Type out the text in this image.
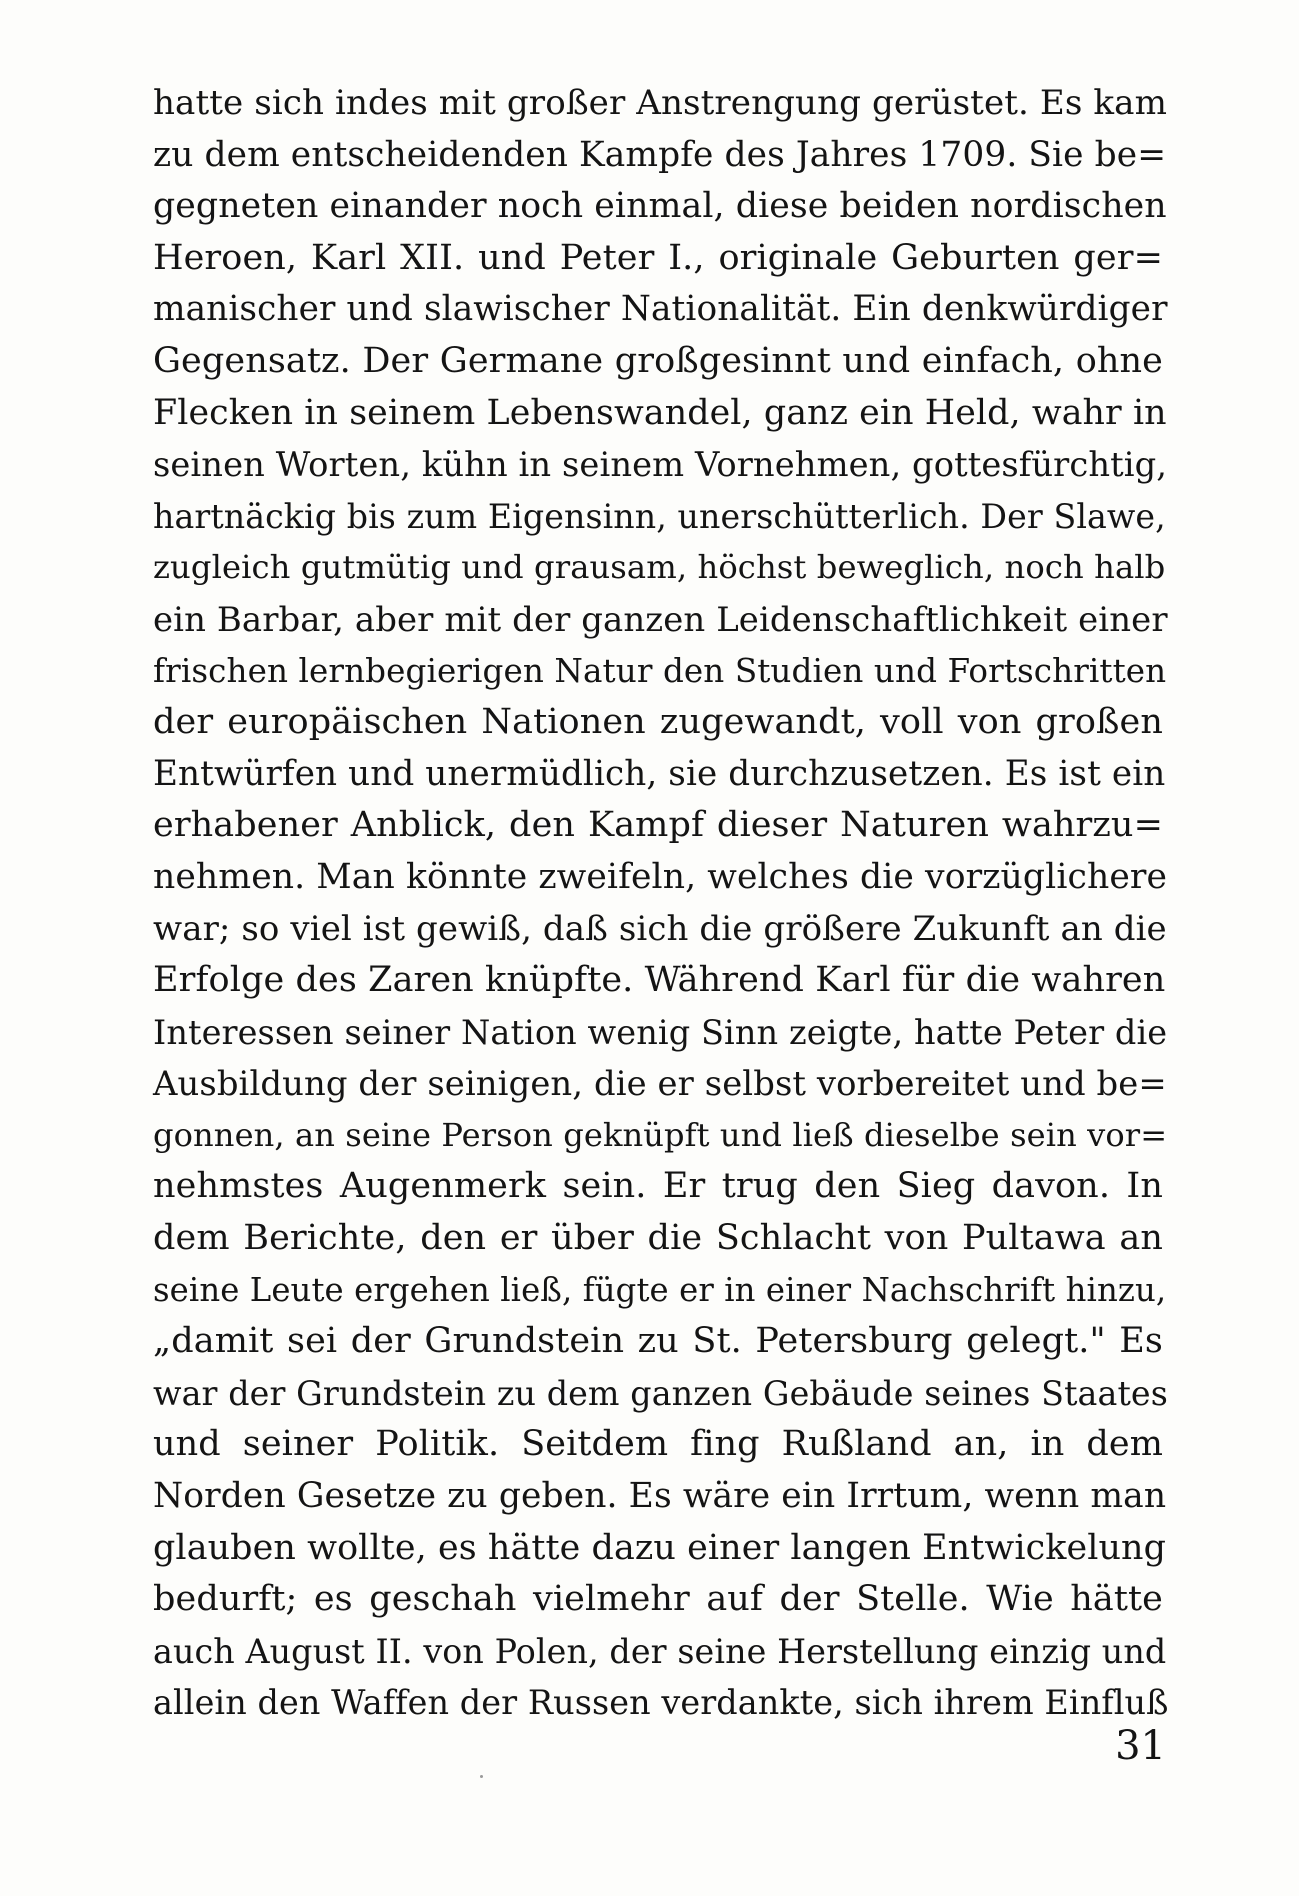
hatte sich indes mit großer Anstrengung gerüstet. Es kam
zu dem entscheidenden Kampfe des Jahres 1709. Sie be=
gegneten einander noch einmal, diese beiden nordischen
Heroen, Karl XII. und Peter I., originale Geburten ger=
manischer und slawischer Nationalität. Ein denkwürdiger
Gegensatz. Der Germane großgesinnt und einfach, ohne
Flecken in seinem Lebenswandel, ganz ein Held, wahr in
seinen Worten, kühn in seinem Vornehmen, gottesfürchtig,
hartnäckig bis zum Eigensinn, unerschütterlich. Der Slawe,
zugleich gutmütig und grausam, höchst beweglich, noch halb
ein Barbar, aber mit der ganzen Leidenschaftlichkeit einer
frischen lernbegierigen Natur den Studien und Fortschritten
der europäischen Nationen zugewandt, voll von großen
Entwürfen und unermüdlich, sie durchzusetzen. Es ist ein
erhabener Anblick, den Kampf dieser Naturen wahrzu=
nehmen. Man könnte zweifeln, welches die vorzüglichere
war; so viel ist gewiß, daß sich die größere Zukunft an die
Erfolge des Zaren knüpfte. Während Karl für die wahren
Interessen seiner Nation wenig Sinn zeigte, hatte Peter die
Ausbildung der seinigen, die er selbst vorbereitet und be=
gonnen, an seine Person geknüpft und ließ dieselbe sein vor=
nehmstes Augenmerk sein. Er trug den Sieg davon. In
dem Berichte, den er über die Schlacht von Pultawa an
seine Leute ergehen ließ, fügte er in einer Nachschrift hinzu,
„damit sei der Grundstein zu St. Petersburg gelegt." Es
war der Grundstein zu dem ganzen Gebäude seines Staates
und seiner Politik. Seitdem fing Rußland an, in dem
Norden Gesetze zu geben. Es wäre ein Irrtum, wenn man
glauben wollte, es hätte dazu einer langen Entwickelung
bedurft; es geschah vielmehr auf der Stelle. Wie hätte
auch August II. von Polen, der seine Herstellung einzig und
allein den Waffen der Russen verdankte, sich ihrem Einfluß
31
